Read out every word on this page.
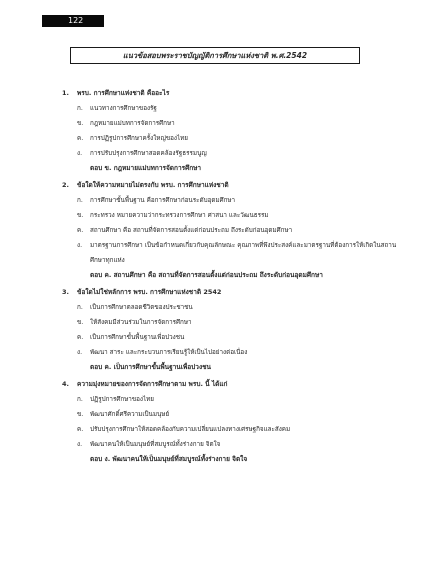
122
แนวข้อสอบพระราชบัญญัติการศึกษาแห่งชาติ พ.ศ.2542
1.	พรบ. การศึกษาแห่งชาติ คืออะไร
ก.	แนวทางการศึกษาของรัฐ
ข.	กฎหมายแม่บทการจัดการศึกษา
ค.	การปฏิรูปการศึกษาครั้งใหญ่ของไทย
ง.	การปรับปรุงการศึกษาสอดคล้องรัฐธรรมนูญ
ตอบ ข. กฎหมายแม่บทการจัดการศึกษา
2.	ข้อใดให้ความหมายไม่ตรงกับ พรบ. การศึกษาแห่งชาติ
ก.	การศึกษาขั้นพื้นฐาน คือการศึกษาก่อนระดับอุดมศึกษา
ข.	กระทรวง หมายความว่ากระทรวงการศึกษา ศาสนา และวัฒนธรรม
ค.	สถานศึกษา คือ สถานที่จัดการสอนตั้งแต่ก่อนประถม ถึงระดับก่อนอุดมศึกษา
ง.	มาตรฐานการศึกษา เป็นข้อกำหนดเกี่ยวกับคุณลักษณะ คุณภาพที่พึงประสงค์และมาตรฐานที่ต้องการให้เกิดในสถานศึกษาทุกแห่ง
ตอบ ค. สถานศึกษา คือ สถานที่จัดการสอนตั้งแต่ก่อนประถม ถึงระดับก่อนอุดมศึกษา
3.	ข้อใดไม่ใช่หลักการ พรบ. การศึกษาแห่งชาติ 2542
ก.	เป็นการศึกษาตลอดชีวิตของประชาชน
ข.	ให้สังคมมีส่วนร่วมในการจัดการศึกษา
ค.	เป็นการศึกษาขั้นพื้นฐานเพื่อปวงชน
ง.	พัฒนา สาระ และกระบวนการเรียนรู้ให้เป็นไปอย่างต่อเนื่อง
ตอบ ค. เป็นการศึกษาขั้นพื้นฐานเพื่อปวงชน
4.	ความมุ่งหมายของการจัดการศึกษาตาม พรบ. นี้ ได้แก่
ก.	ปฏิรูปการศึกษาของไทย
ข.	พัฒนาศักดิ์ศรีความเป็นมนุษย์
ค.	ปรับปรุงการศึกษาให้สอดคล้องกับความเปลี่ยนแปลงทางเศรษฐกิจและสังคม
ง.	พัฒนาคนให้เป็นมนุษย์ที่สมบูรณ์ทั้งร่างกาย จิตใจ
ตอบ ง. พัฒนาคนให้เป็นมนุษย์ที่สมบูรณ์ทั้งร่างกาย จิตใจ
